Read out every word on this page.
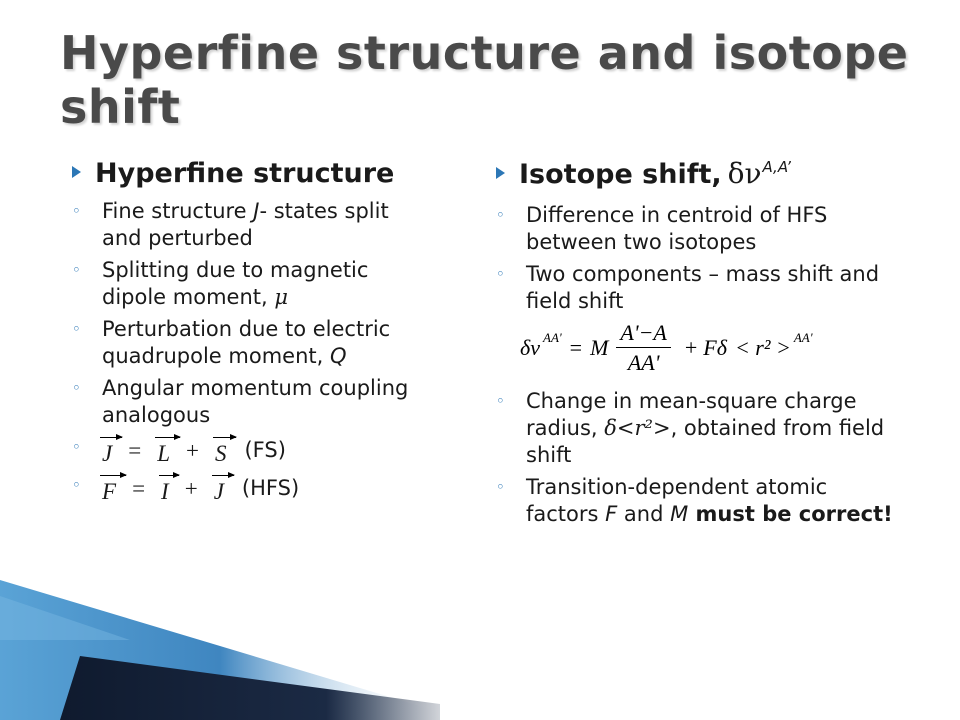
Hyperfine structure and isotope shift
Hyperfine structure
◦ Fine structure J- states split and perturbed
◦ Splitting due to magnetic dipole moment, μ
◦ Perturbation due to electric quadrupole moment, Q
◦ Angular momentum coupling analogous
◦ J = L + S (FS)
◦ F = I + J (HFS)
Isotope shift, δν A,A’
◦ Difference in centroid of HFS between two isotopes
◦ Two components – mass shift and field shift
δν AA' = M $\frac{A'-A}{AA'} + F\delta < r^2 > AA'$
◦ Change in mean-square charge radius, δ<r²>, obtained from field shift
◦ Transition-dependent atomic factors F and M must be correct!
